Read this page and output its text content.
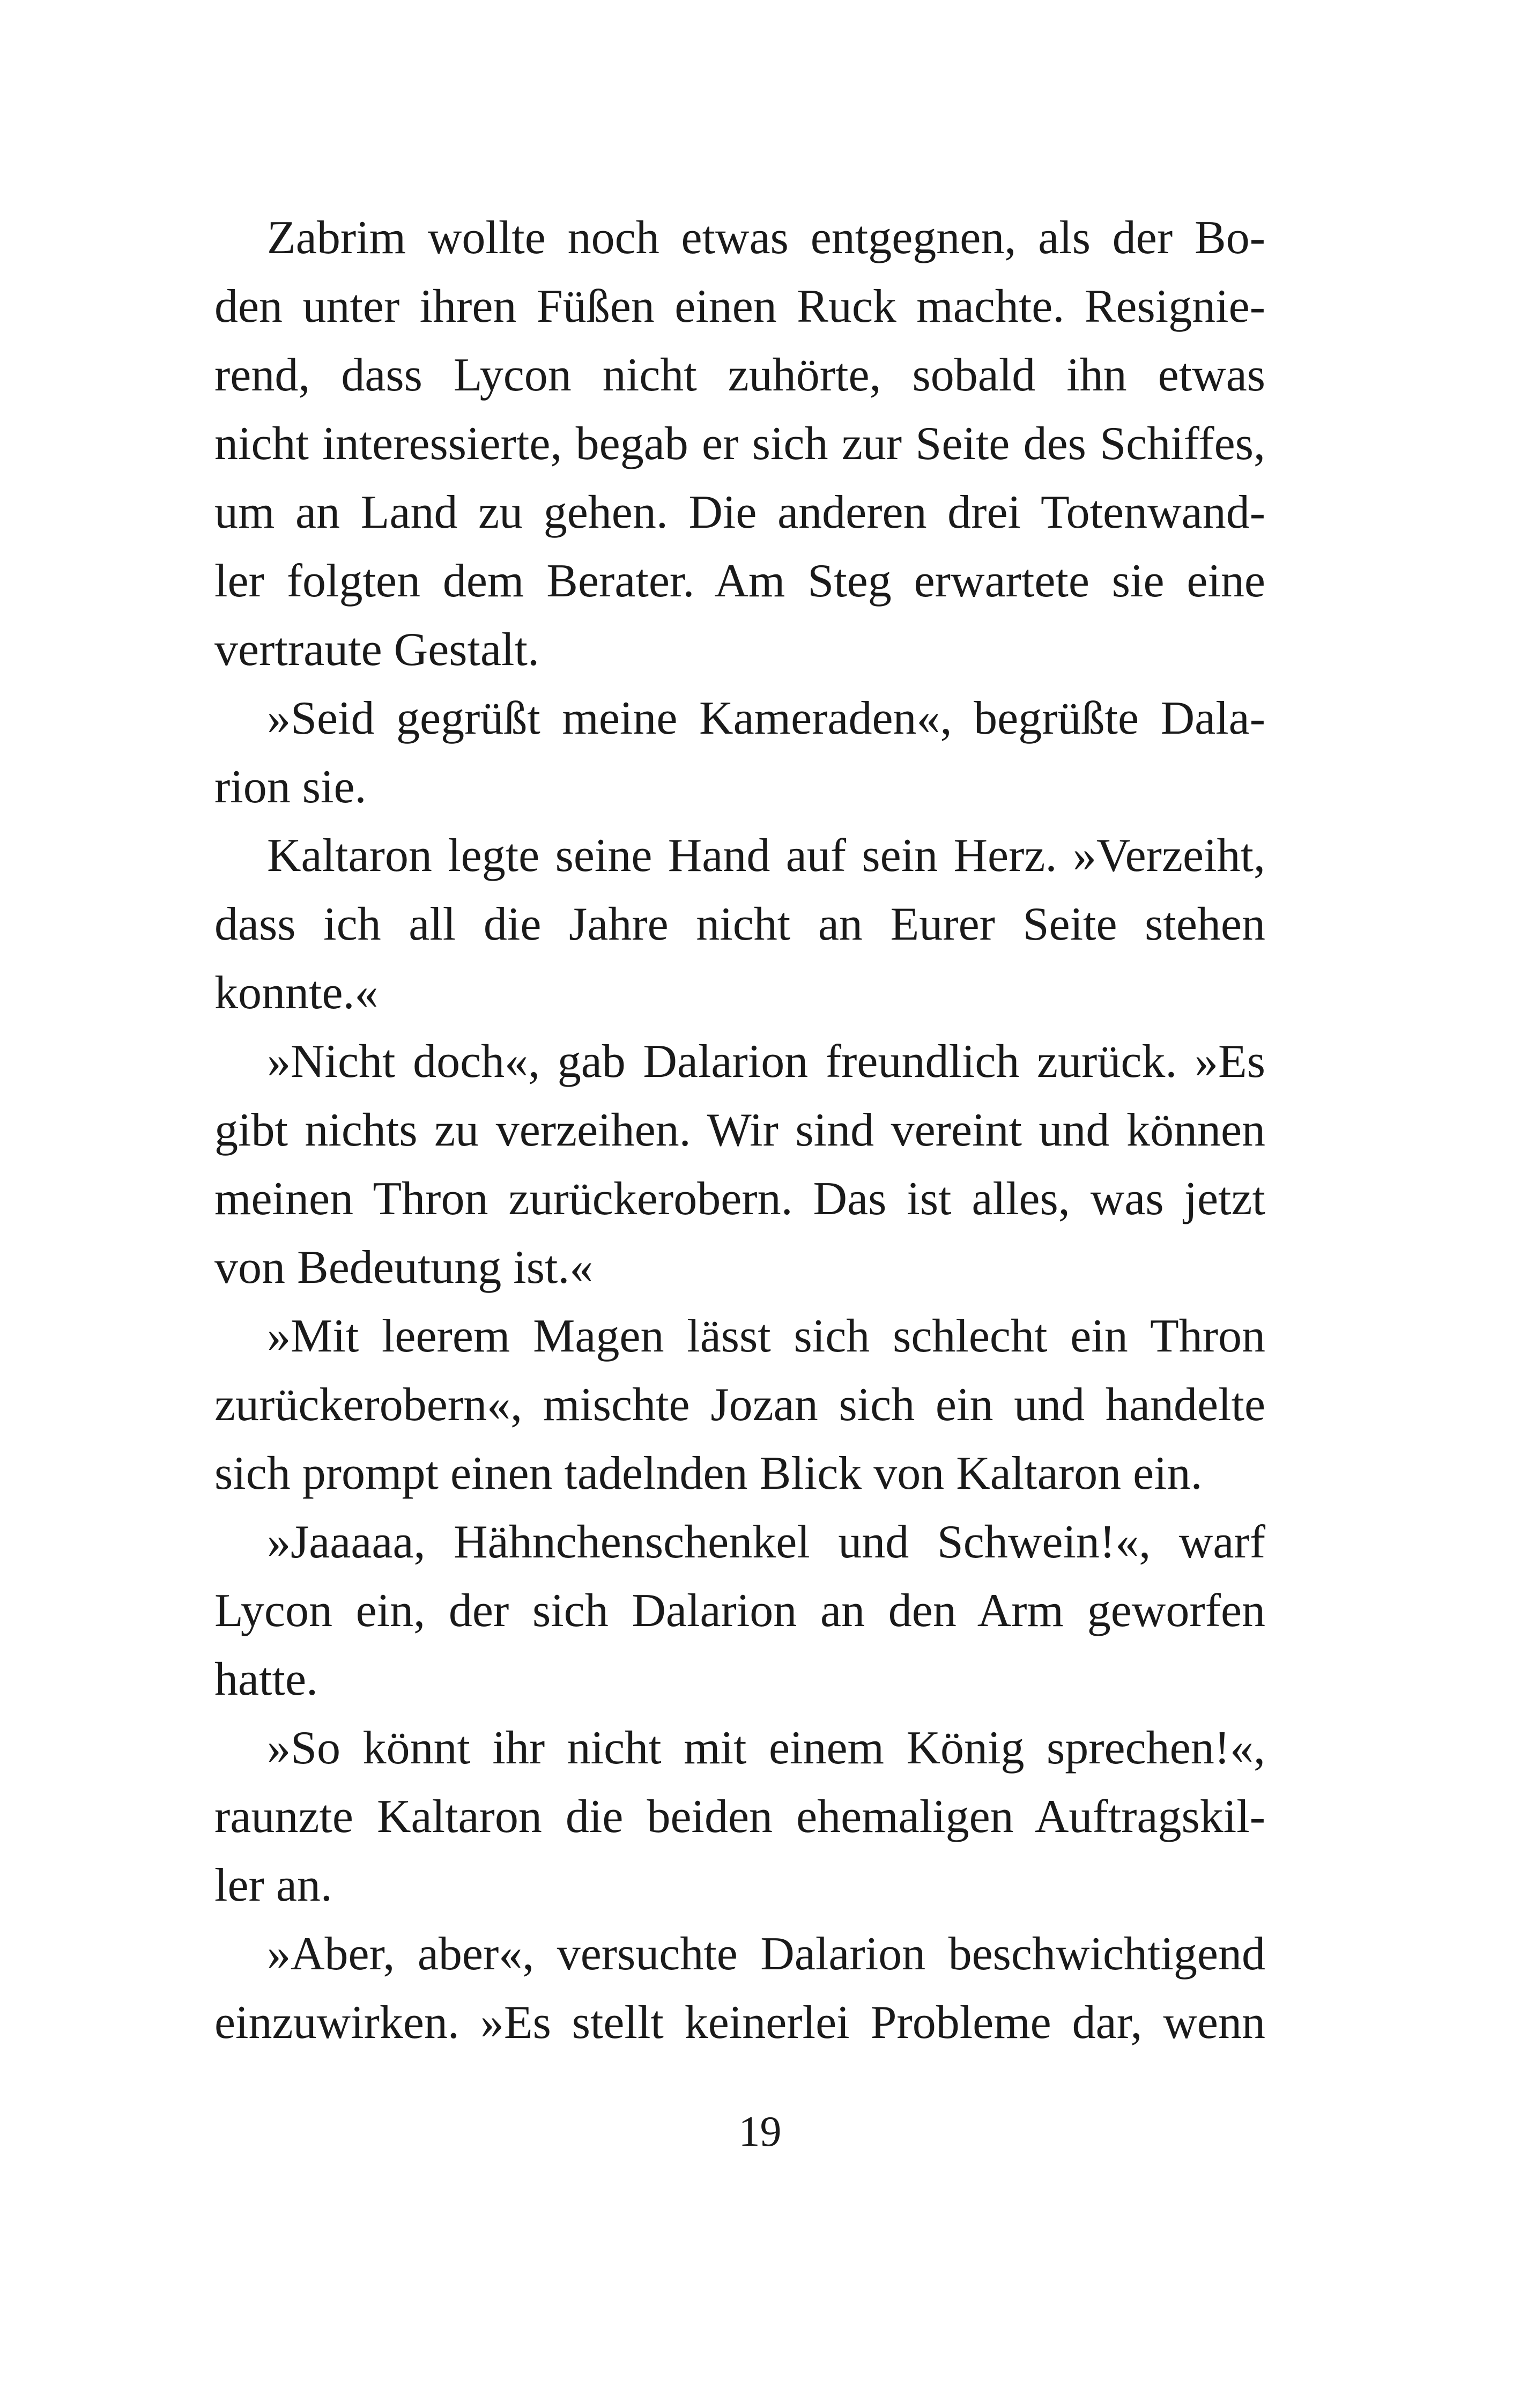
Zabrim wollte noch etwas entgegnen, als der Bo-
den unter ihren Füßen einen Ruck machte. Resignie-
rend, dass Lycon nicht zuhörte, sobald ihn etwas
nicht interessierte, begab er sich zur Seite des Schiffes,
um an Land zu gehen. Die anderen drei Totenwand-
ler folgten dem Berater. Am Steg erwartete sie eine
vertraute Gestalt.
»Seid gegrüßt meine Kameraden«, begrüßte Dala-
rion sie.
Kaltaron legte seine Hand auf sein Herz. »Verzeiht,
dass ich all die Jahre nicht an Eurer Seite stehen
konnte.«
»Nicht doch«, gab Dalarion freundlich zurück. »Es
gibt nichts zu verzeihen. Wir sind vereint und können
meinen Thron zurückerobern. Das ist alles, was jetzt
von Bedeutung ist.«
»Mit leerem Magen lässt sich schlecht ein Thron
zurückerobern«, mischte Jozan sich ein und handelte
sich prompt einen tadelnden Blick von Kaltaron ein.
»Jaaaaa, Hähnchenschenkel und Schwein!«, warf
Lycon ein, der sich Dalarion an den Arm geworfen
hatte.
»So könnt ihr nicht mit einem König sprechen!«,
raunzte Kaltaron die beiden ehemaligen Auftragskil-
ler an.
»Aber, aber«, versuchte Dalarion beschwichtigend
einzuwirken. »Es stellt keinerlei Probleme dar, wenn
19
